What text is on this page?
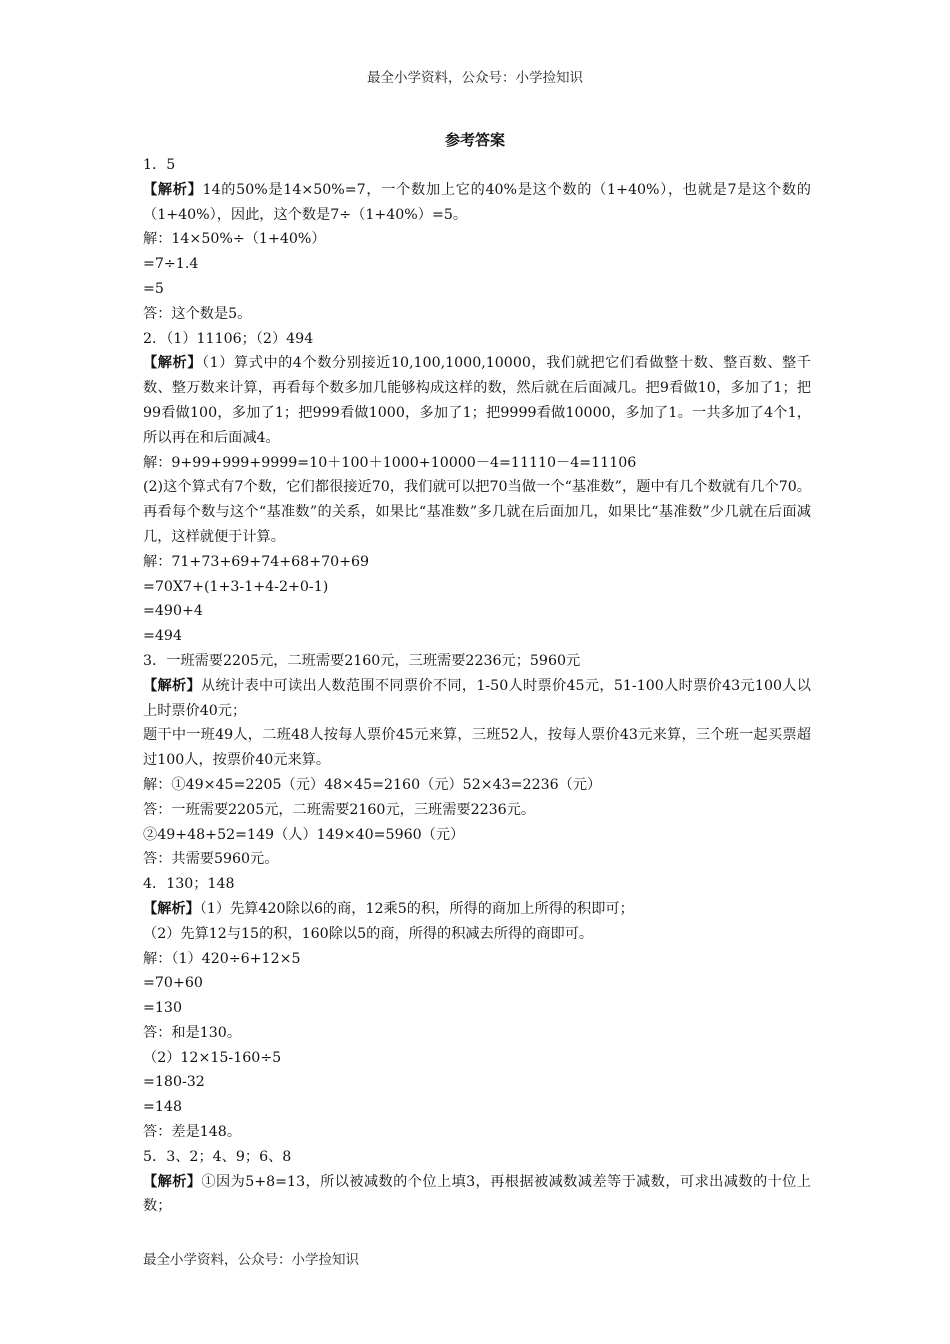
最全小学资料，公众号：小学捡知识
参考答案
1．5
【解析】14的50%是14×50%=7，一个数加上它的40%是这个数的（1+40%），也就是7是这个数的（1+40%），因此，这个数是7÷（1+40%）=5。
解：14×50%÷（1+40%）
=7÷1.4
=5
答：这个数是5。
2．（1）11106；（2）494
【解析】（1）算式中的4个数分别接近10,100,1000,10000，我们就把它们看做整十数、整百数、整千数、整万数来计算，再看每个数多加几能够构成这样的数，然后就在后面减几。把9看做10，多加了1；把99看做100，多加了1；把999看做1000，多加了1；把9999看做10000，多加了1。一共多加了4个1，所以再在和后面减4。
解：9+99+999+9999=10＋100＋1000+10000－4=11110－4=11106
(2)这个算式有7个数，它们都很接近70，我们就可以把70当做一个“基准数”，题中有几个数就有几个70。再看每个数与这个“基准数”的关系，如果比“基准数”多几就在后面加几，如果比“基准数”少几就在后面减几，这样就便于计算。
解：71+73+69+74+68+70+69
=70X7+(1+3-1+4-2+0-1)
=490+4
=494
3．一班需要2205元，二班需要2160元，三班需要2236元；5960元
【解析】从统计表中可读出人数范围不同票价不同，1-50人时票价45元，51-100人时票价43元100人以上时票价40元；
题干中一班49人，二班48人按每人票价45元来算，三班52人，按每人票价43元来算，三个班一起买票超过100人，按票价40元来算。
解：①49×45=2205（元）48×45=2160（元）52×43=2236（元）
答：一班需要2205元，二班需要2160元，三班需要2236元。
②49+48+52=149（人）149×40=5960（元）
答：共需要5960元。
4．130；148
【解析】（1）先算420除以6的商，12乘5的积，所得的商加上所得的积即可；
（2）先算12与15的积，160除以5的商，所得的积减去所得的商即可。
解：（1）420÷6+12×5
=70+60
=130
答：和是130。
（2）12×15-160÷5
=180-32
=148
答：差是148。
5．3、2；4、9；6、8
【解析】①因为5+8=13，所以被减数的个位上填3，再根据被减数减差等于减数，可求出减数的十位上数；
最全小学资料，公众号：小学捡知识
